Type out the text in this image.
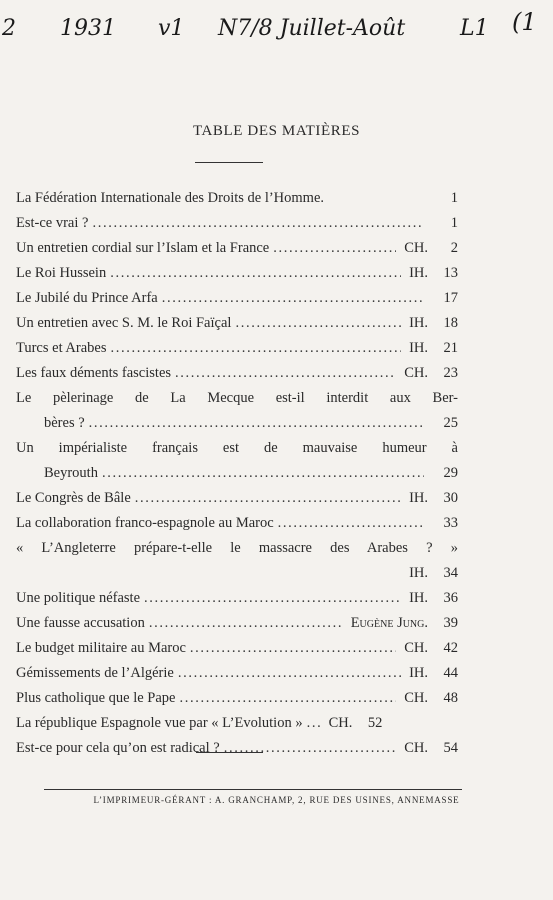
2 1931 v1 N7/8 Juillet-Août L1 (1
TABLE DES MATIÈRES
La Fédération Internationale des Droits de l’Homme.	1
Est-ce vrai ? . . .	1
Un entretien cordial sur l’Islam et la France . . .	CH.	2
Le Roi Hussein . . .	IH.	13
Le Jubilé du Prince Arfa . . .	17
Un entretien avec S. M. le Roi Faïçal . . .	IH.	18
Turcs et Arabes . . .	IH.	21
Les faux déments fascistes . . .	CH.	23
Le pèlerinage de La Mecque est-il interdit aux Ber-
bères ? . . .	25
Un impérialiste français est de mauvaise humeur à
Beyrouth . . .	29
Le Congrès de Bâle . . .	IH.	30
La collaboration franco-espagnole au Maroc . . .	33
« L’Angleterre prépare-t-elle le massacre des Arabes ? »
IH.	34
Une politique néfaste . . .	IH.	36
Une fausse accusation . . .	Eugène Jung.	39
Le budget militaire au Maroc . . .	CH.	42
Gémissements de l’Algérie . . .	IH.	44
Plus catholique que le Pape . . .	CH.	48
La république Espagnole vue par « L’Evolution » . . . CH.	52
Est-ce pour cela qu’on est radical ? . . .	CH.	54
L’IMPRIMEUR-GÉRANT : A. GRANCHAMP, 2, RUE DES USINES, ANNEMASSE
